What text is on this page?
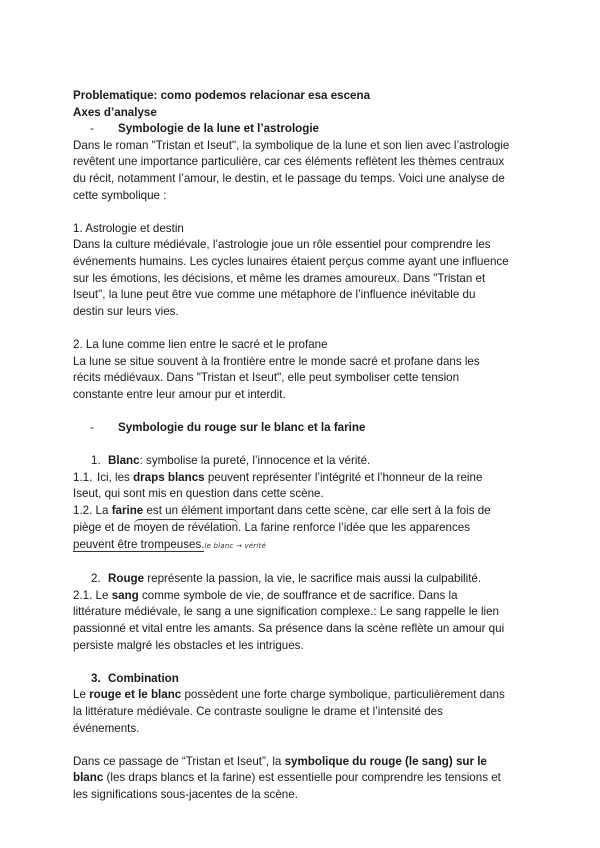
Problematique: como podemos relacionar esa escena
Axes d’analyse
-	Symbologie de la lune et l’astrologie
Dans le roman "Tristan et Iseut", la symbolique de la lune et son lien avec l’astrologie
revêtent une importance particulière, car ces éléments reflètent les thèmes centraux
du récit, notamment l’amour, le destin, et le passage du temps. Voici une analyse de
cette symbolique :
1. Astrologie et destin
Dans la culture médiévale, l’astrologie joue un rôle essentiel pour comprendre les
événements humains. Les cycles lunaires étaient perçus comme ayant une influence
sur les émotions, les décisions, et même les drames amoureux. Dans "Tristan et
Iseut", la lune peut être vue comme une métaphore de l’influence inévitable du
destin sur leurs vies.
2. La lune comme lien entre le sacré et le profane
La lune se situe souvent à la frontière entre le monde sacré et profane dans les
récits médiévaux. Dans "Tristan et Iseut", elle peut symboliser cette tension
constante entre leur amour pur et interdit.
-	Symbologie du rouge sur le blanc et la farine
1. Blanc: symbolise la pureté, l’innocence et la vérité.
1.1. Ici, les draps blancs peuvent représenter l’intégrité et l’honneur de la reine
Iseut, qui sont mis en question dans cette scène.
1.2. La farine est un élément important dans cette scène, car elle sert à la fois de
piège et de moyen de révélation. La farine renforce l’idée que les apparences
peuvent être trompeuses.le blanc → vérité
2. Rouge représente la passion, la vie, le sacrifice mais aussi la culpabilité.
2.1. Le sang comme symbole de vie, de souffrance et de sacrifice. Dans la
littérature médiévale, le sang a une signification complexe.: Le sang rappelle le lien
passionné et vital entre les amants. Sa présence dans la scène reflète un amour qui
persiste malgré les obstacles et les intrigues.
3. Combination
Le rouge et le blanc possèdent une forte charge symbolique, particulièrement dans
la littérature médiévale. Ce contraste souligne le drame et l’intensité des
événements.
Dans ce passage de “Tristan et Iseut”, la symbolique du rouge (le sang) sur le
blanc (les draps blancs et la farine) est essentielle pour comprendre les tensions et
les significations sous-jacentes de la scène.
